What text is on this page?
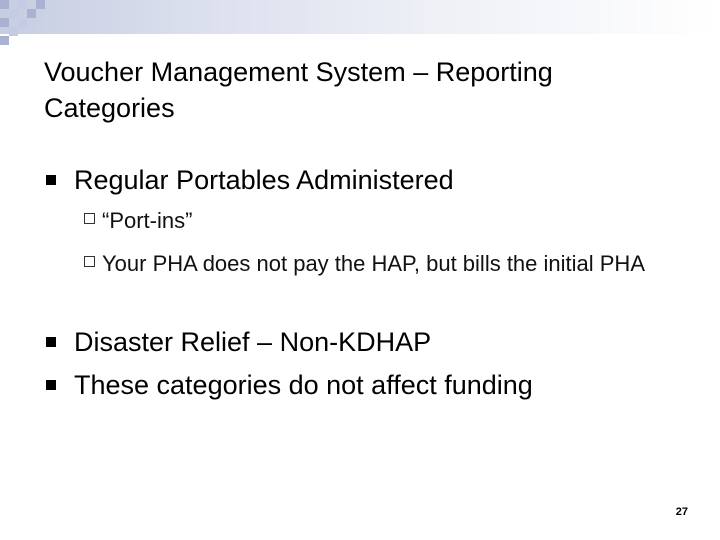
Voucher Management System – Reporting Categories
Regular Portables Administered
“Port-ins”
Your PHA does not pay the HAP, but bills the initial PHA
Disaster Relief – Non-KDHAP
These categories do not affect funding
27
